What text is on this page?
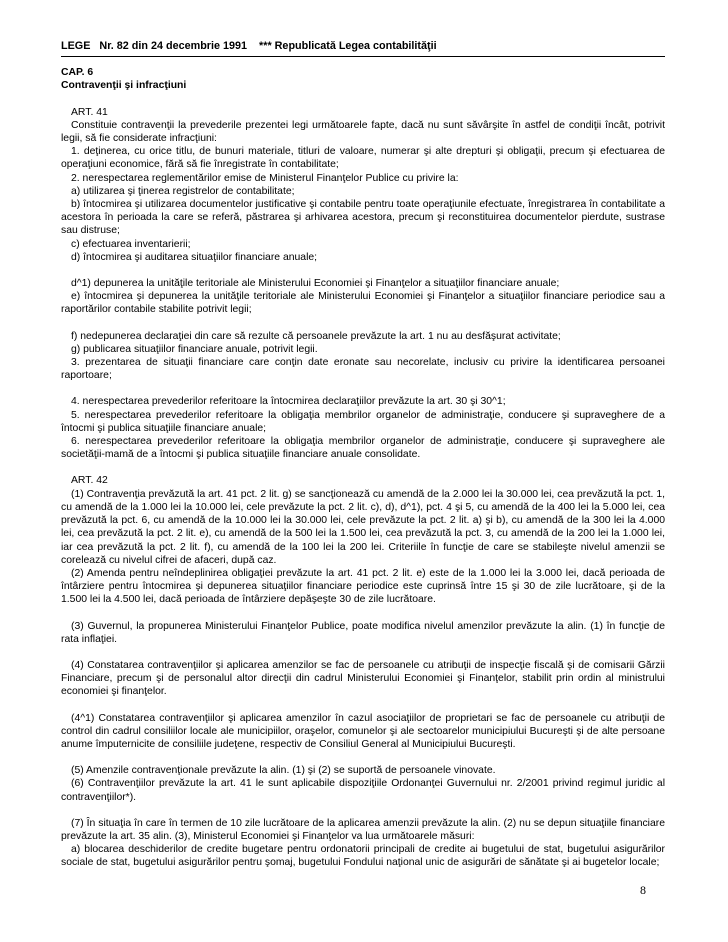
LEGE   Nr. 82 din 24 decembrie 1991    *** Republicată Legea contabilităţii
CAP. 6
Contravenţii şi infracţiuni
ART. 41
Constituie contravenţii la prevederile prezentei legi următoarele fapte, dacă nu sunt săvârşite în astfel de condiţii încât, potrivit legii, să fie considerate infracţiuni:
1. deţinerea, cu orice titlu, de bunuri materiale, titluri de valoare, numerar şi alte drepturi şi obligaţii, precum şi efectuarea de operaţiuni economice, fără să fie înregistrate în contabilitate;
2. nerespectarea reglementărilor emise de Ministerul Finanţelor Publice cu privire la:
a) utilizarea şi ţinerea registrelor de contabilitate;
b) întocmirea şi utilizarea documentelor justificative şi contabile pentru toate operaţiunile efectuate, înregistrarea în contabilitate a acestora în perioada la care se referă, păstrarea şi arhivarea acestora, precum şi reconstituirea documentelor pierdute, sustrase sau distruse;
c) efectuarea inventarierii;
d) întocmirea şi auditarea situaţiilor financiare anuale;
d^1) depunerea la unităţile teritoriale ale Ministerului Economiei şi Finanţelor a situaţiilor financiare anuale;
e) întocmirea şi depunerea la unităţile teritoriale ale Ministerului Economiei şi Finanţelor a situaţiilor financiare periodice sau a raportărilor contabile stabilite potrivit legii;
f) nedepunerea declaraţiei din care să rezulte că persoanele prevăzute la art. 1 nu au desfăşurat activitate;
g) publicarea situaţiilor financiare anuale, potrivit legii.
3. prezentarea de situaţii financiare care conţin date eronate sau necorelate, inclusiv cu privire la identificarea persoanei raportoare;
4. nerespectarea prevederilor referitoare la întocmirea declaraţiilor prevăzute la art. 30 şi 30^1;
5. nerespectarea prevederilor referitoare la obligaţia membrilor organelor de administraţie, conducere şi supraveghere de a întocmi şi publica situaţiile financiare anuale;
6. nerespectarea prevederilor referitoare la obligaţia membrilor organelor de administraţie, conducere şi supraveghere ale societăţii-mamă de a întocmi şi publica situaţiile financiare anuale consolidate.
ART. 42
(1) Contravenţia prevăzută la art. 41 pct. 2 lit. g) se sancţionează cu amendă de la 2.000 lei la 30.000 lei, cea prevăzută la pct. 1, cu amendă de la 1.000 lei la 10.000 lei, cele prevăzute la pct. 2 lit. c), d), d^1), pct. 4 şi 5, cu amendă de la 400 lei la 5.000 lei, cea prevăzută la pct. 6, cu amendă de la 10.000 lei la 30.000 lei, cele prevăzute la pct. 2 lit. a) şi b), cu amendă de la 300 lei la 4.000 lei, cea prevăzută la pct. 2 lit. e), cu amendă de la 500 lei la 1.500 lei, cea prevăzută la pct. 3, cu amendă de la 200 lei la 1.000 lei, iar cea prevăzută la pct. 2 lit. f), cu amendă de la 100 lei la 200 lei. Criteriile în funcţie de care se stabileşte nivelul amenzii se corelează cu nivelul cifrei de afaceri, după caz.
(2) Amenda pentru neîndeplinirea obligaţiei prevăzute la art. 41 pct. 2 lit. e) este de la 1.000 lei la 3.000 lei, dacă perioada de întârziere pentru întocmirea şi depunerea situaţiilor financiare periodice este cuprinsă între 15 şi 30 de zile lucrătoare, şi de la 1.500 lei la 4.500 lei, dacă perioada de întârziere depăşeşte 30 de zile lucrătoare.
(3) Guvernul, la propunerea Ministerului Finanţelor Publice, poate modifica nivelul amenzilor prevăzute la alin. (1) în funcţie de rata inflaţiei.
(4) Constatarea contravenţiilor şi aplicarea amenzilor se fac de persoanele cu atribuţii de inspecţie fiscală şi de comisarii Gărzii Financiare, precum şi de personalul altor direcţii din cadrul Ministerului Economiei şi Finanţelor, stabilit prin ordin al ministrului economiei şi finanţelor.
(4^1) Constatarea contravenţiilor şi aplicarea amenzilor în cazul asociaţiilor de proprietari se fac de persoanele cu atribuţii de control din cadrul consiliilor locale ale municipiilor, oraşelor, comunelor şi ale sectoarelor municipiului Bucureşti şi de alte persoane anume împuternicite de consiliile judeţene, respectiv de Consiliul General al Municipiului Bucureşti.
(5) Amenzile contravenţionale prevăzute la alin. (1) şi (2) se suportă de persoanele vinovate.
(6) Contravenţiilor prevăzute la art. 41 le sunt aplicabile dispoziţiile Ordonanţei Guvernului nr. 2/2001 privind regimul juridic al contravenţiilor*).
(7) În situaţia în care în termen de 10 zile lucrătoare de la aplicarea amenzii prevăzute la alin. (2) nu se depun situaţiile financiare prevăzute la art. 35 alin. (3), Ministerul Economiei şi Finanţelor va lua următoarele măsuri:
a) blocarea deschiderilor de credite bugetare pentru ordonatorii principali de credite ai bugetului de stat, bugetului asigurărilor sociale de stat, bugetului asigurărilor pentru şomaj, bugetului Fondului naţional unic de asigurări de sănătate şi ai bugetelor locale;
8
